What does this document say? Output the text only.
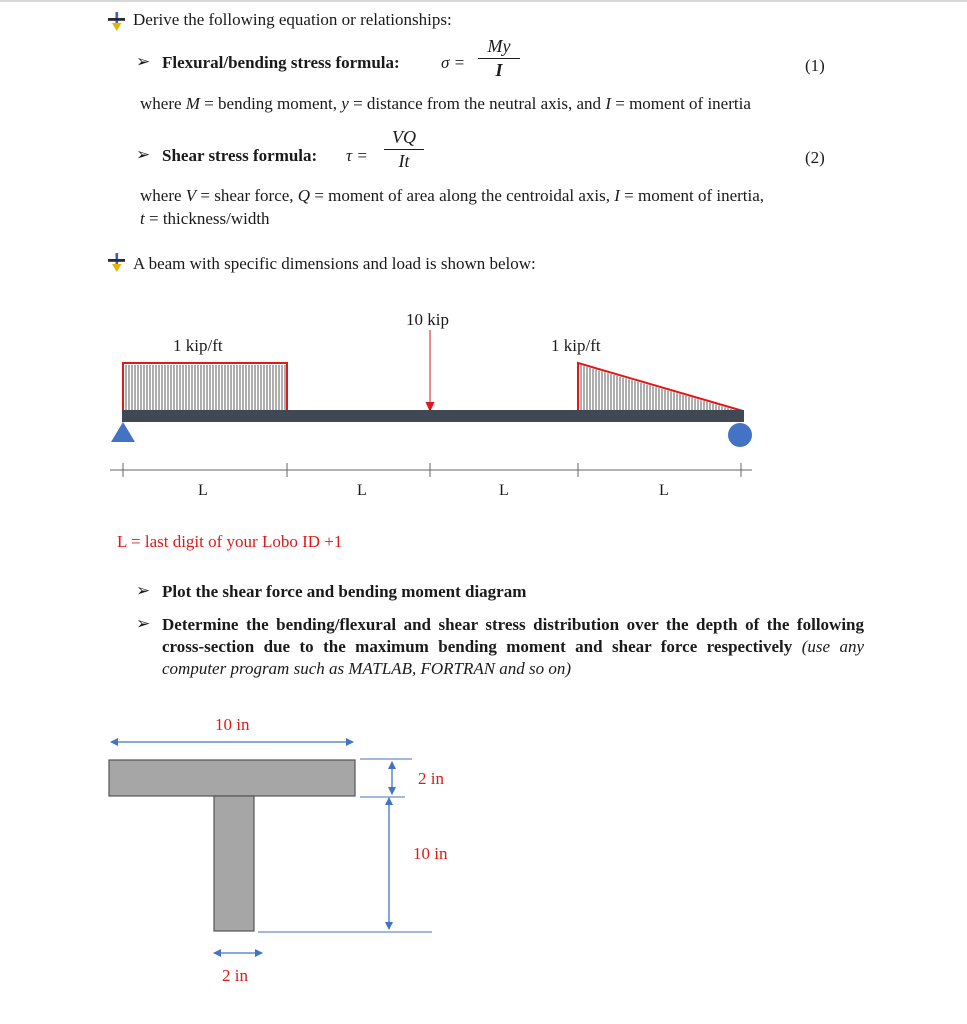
Derive the following equation or relationships:
➢ Flexural/bending stress formula: $\sigma = \frac{My}{I}$	(1)
where M = bending moment, y = distance from the neutral axis, and I = moment of inertia
➢ Shear stress formula: $\tau = \frac{VQ}{It}$	(2)
where V = shear force, Q = moment of area along the centroidal axis, I = moment of inertia,
t = thickness/width
A beam with specific dimensions and load is shown below:
1 kip/ft
10 kip
1 kip/ft
L	L	L	L
L = last digit of your Lobo ID +1
➢ Plot the shear force and bending moment diagram
➢ Determine the bending/flexural and shear stress distribution over the depth of the following cross-section due to the maximum bending moment and shear force respectively (use any computer program such as MATLAB, FORTRAN and so on)
10 in
2 in
10 in
2 in
